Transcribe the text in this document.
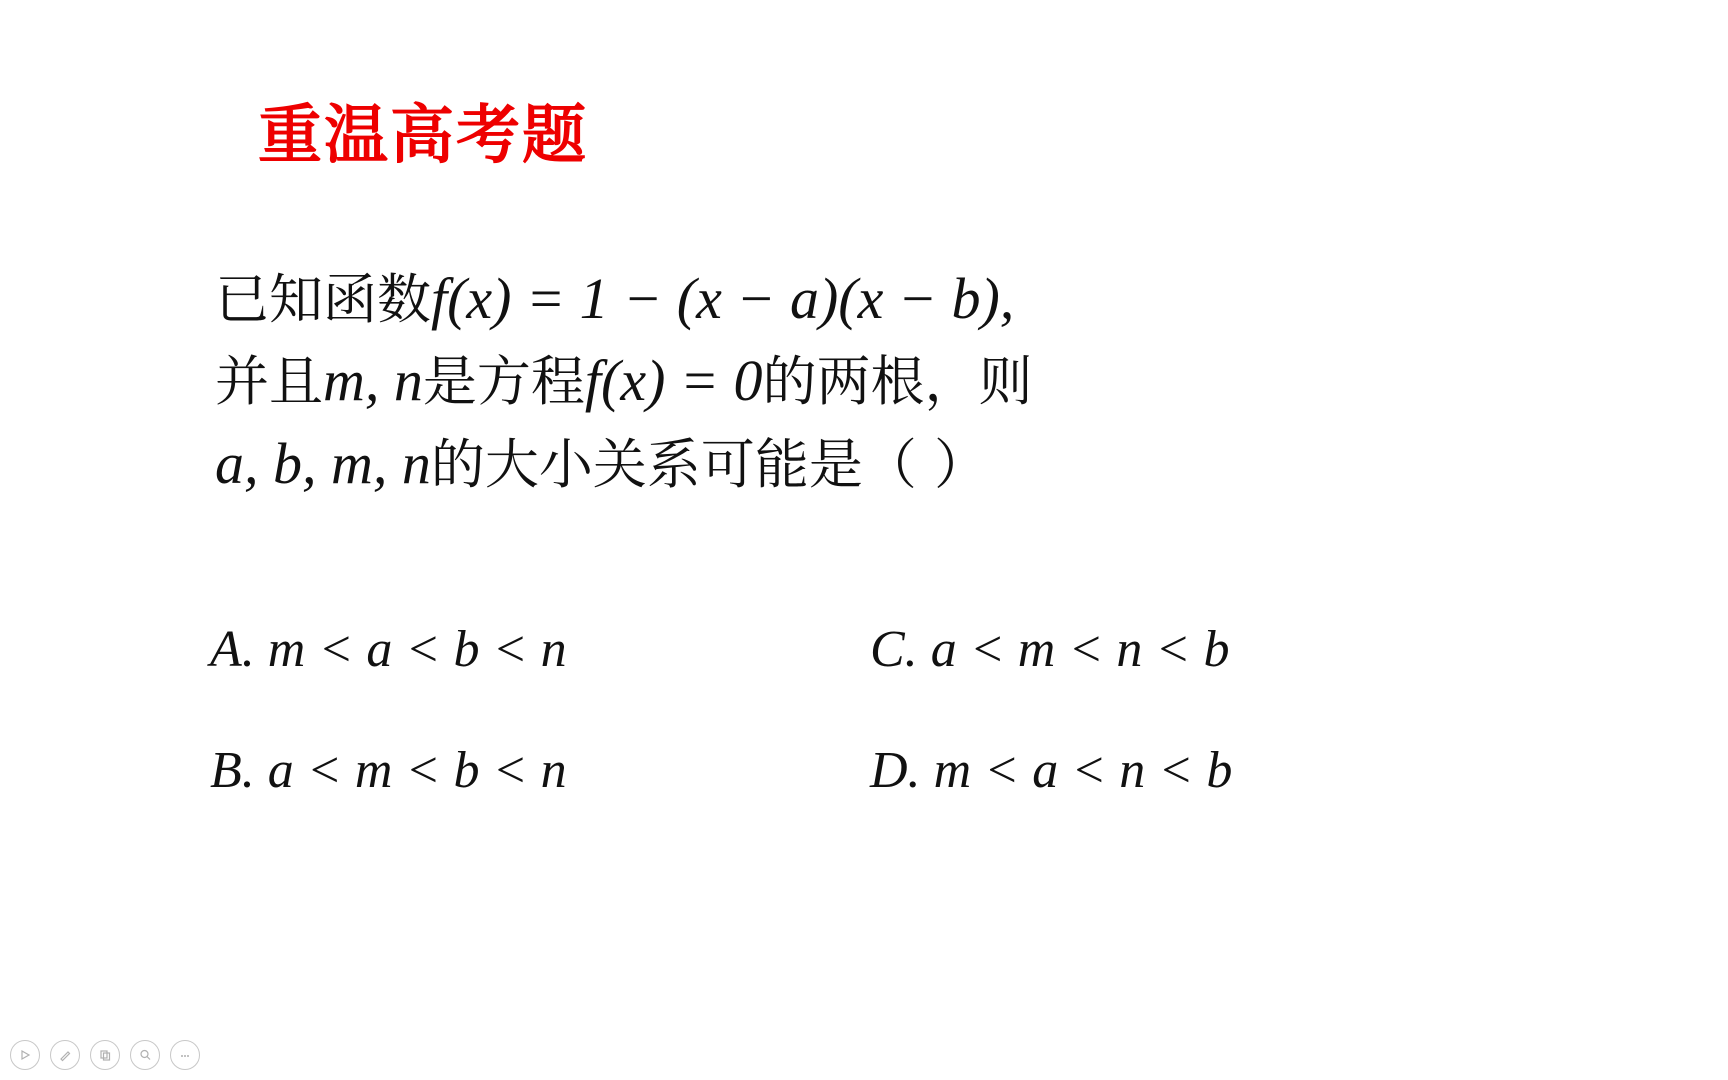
重温高考题
已知函数f(x) = 1 − (x − a)(x − b),
并且m, n是方程f(x) = 0的两根，则
a, b, m, n的大小关系可能是（ ）
A. m < a < b < n	C. a < m < n < b
B. a < m < b < n	D. m < a < n < b
